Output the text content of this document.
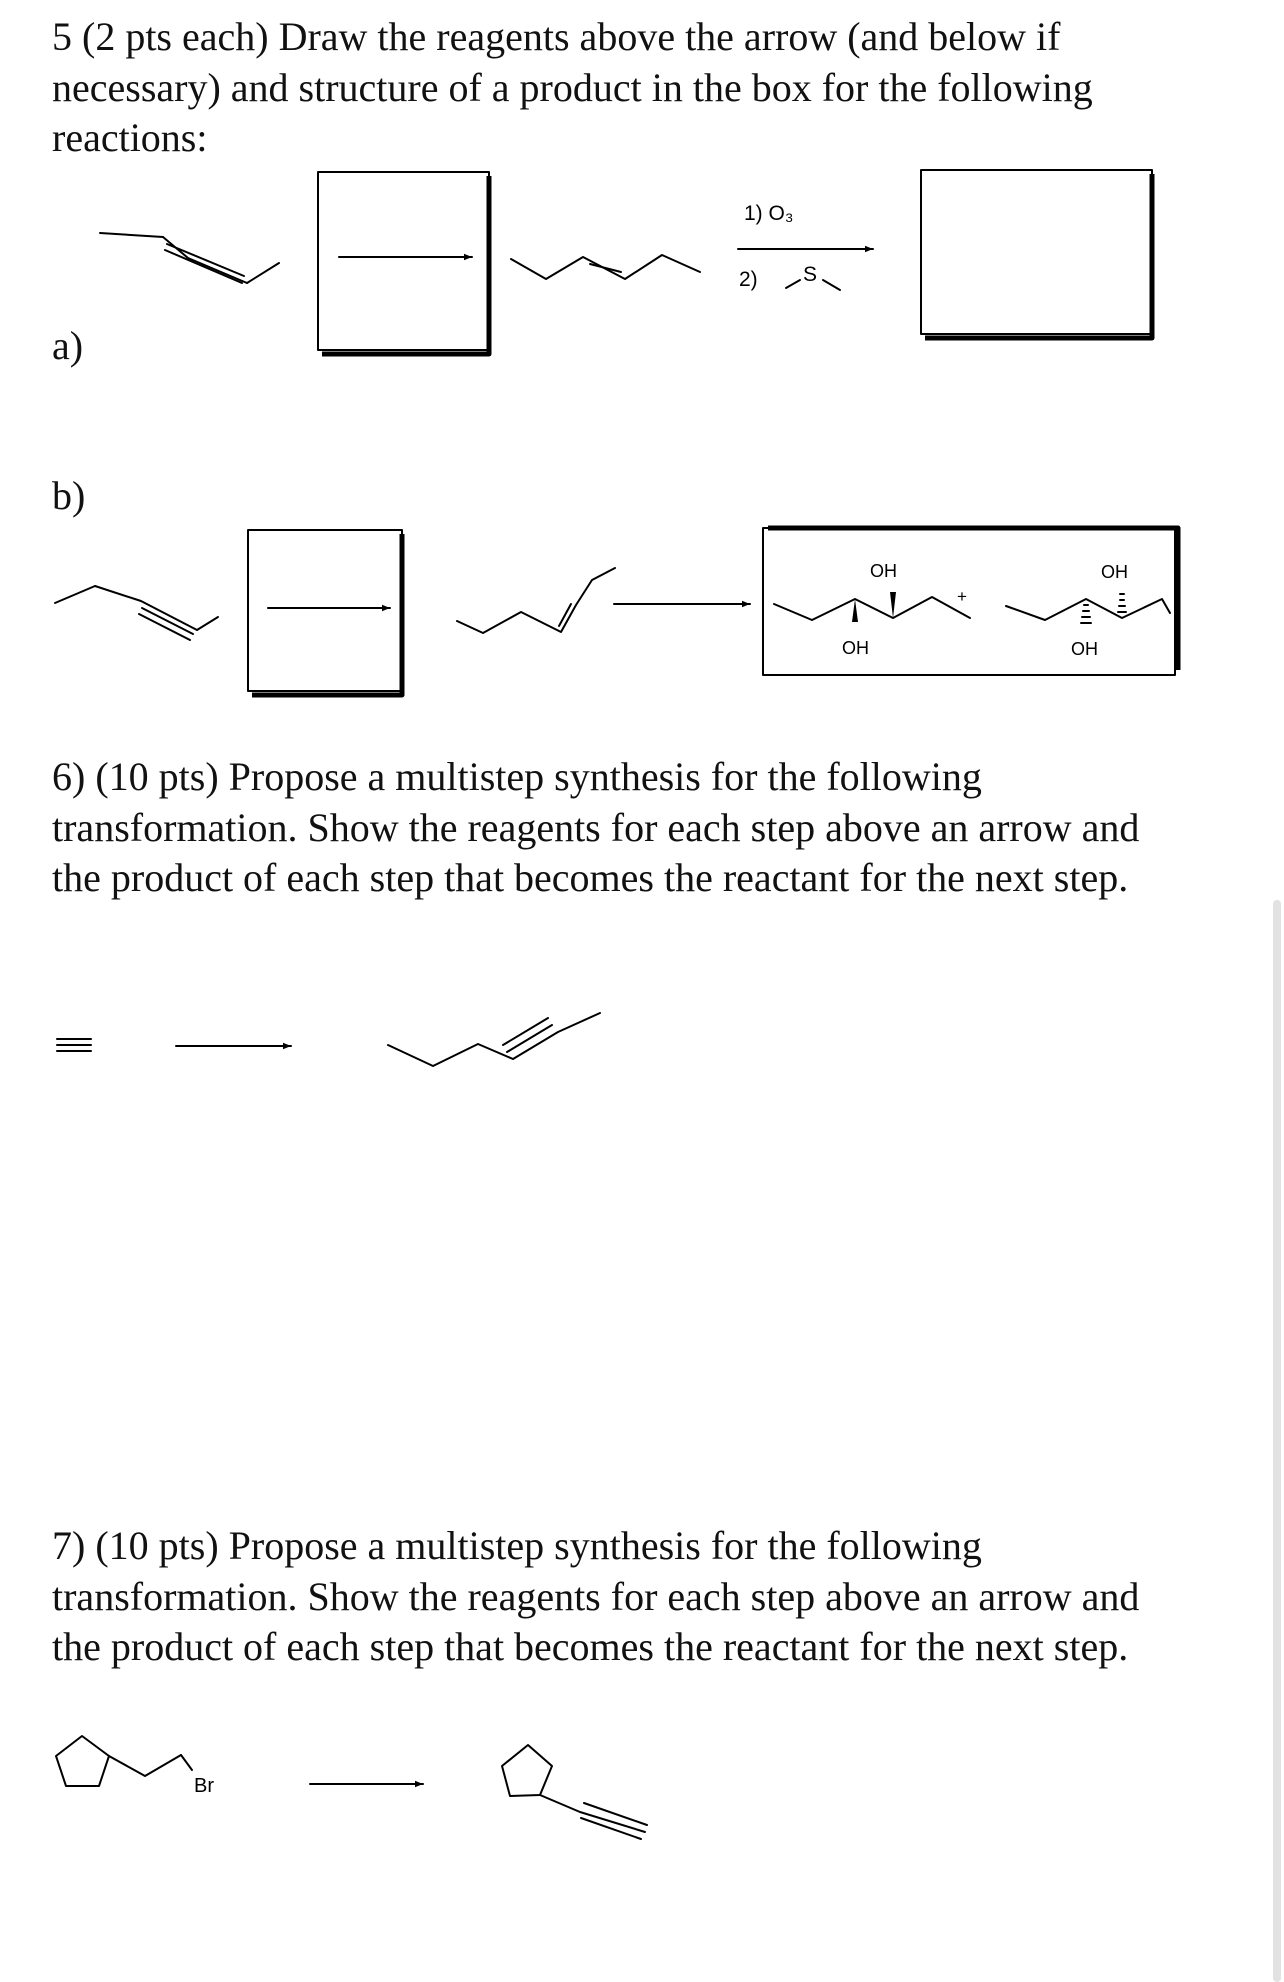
5 (2 pts each) Draw the reagents above the arrow (and below if necessary) and structure of a product in the box for the following reactions:

a)

b)

6) (10 pts) Propose a multistep synthesis for the following transformation. Show the reagents for each step above an arrow and the product of each step that becomes the reactant for the next step.

7) (10 pts) Propose a multistep synthesis for the following transformation. Show the reagents for each step above an arrow and the product of each step that becomes the reactant for the next step.

1) O₃
2) S
OH
OH
+
OH
OH
Br
